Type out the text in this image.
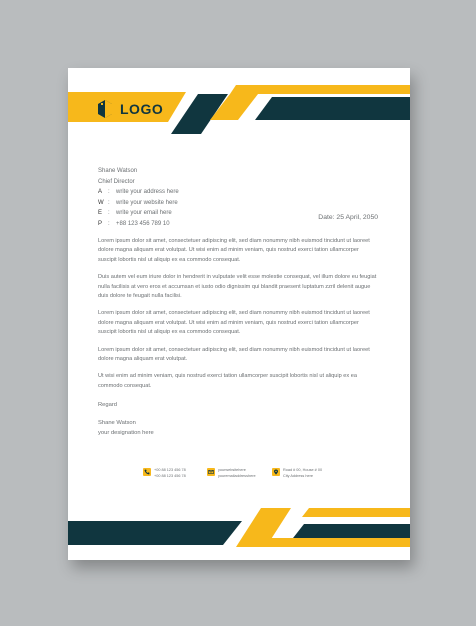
LOGO
Shane Watson
Chief Director
A :	write your address here
W :	write your website here
E :	write your email here
P :	+88 123 456 789 10
Date: 25 April, 2050

Lorem ipsum dolor sit amet, consectetuer adipiscing elit, sed diam nonummy nibh euismod tincidunt ut laoreet dolore magna aliquam erat volutpat. Ut wisi enim ad minim veniam, quis nostrud exerci tation ullamcorper suscipit lobortis nisl ut aliquip ex ea commodo consequat.

Duis autem vel eum iriure dolor in hendrerit in vulputate velit esse molestie consequat, vel illum dolore eu feugiat nulla facilisis at vero eros et accumsan et iusto odio dignissim qui blandit praesent luptatum zzril delenit augue duis dolore te feugait nulla facilisi.

Lorem ipsum dolor sit amet, consectetuer adipiscing elit, sed diam nonummy nibh euismod tincidunt ut laoreet dolore magna aliquam erat volutpat. Ut wisi enim ad minim veniam, quis nostrud exerci tation ullamcorper suscipit lobortis nisl ut aliquip ex ea commodo consequat.

Lorem ipsum dolor sit amet, consectetuer adipiscing elit, sed diam nonummy nibh euismod tincidunt ut laoreet dolore magna aliquam erat volutpat.

Ut wisi enim ad minim veniam, quis nostrud exerci tation ullamcorper suscipit lobortis nisl ut aliquip ex ea commodo consequat.

Regard
Shane Watson
your designation here
+00 88 123 456 78
+00 88 123 456 78
yourwebsitehere
youremailaddresshere
Road # 00, House # 00
City Address here
